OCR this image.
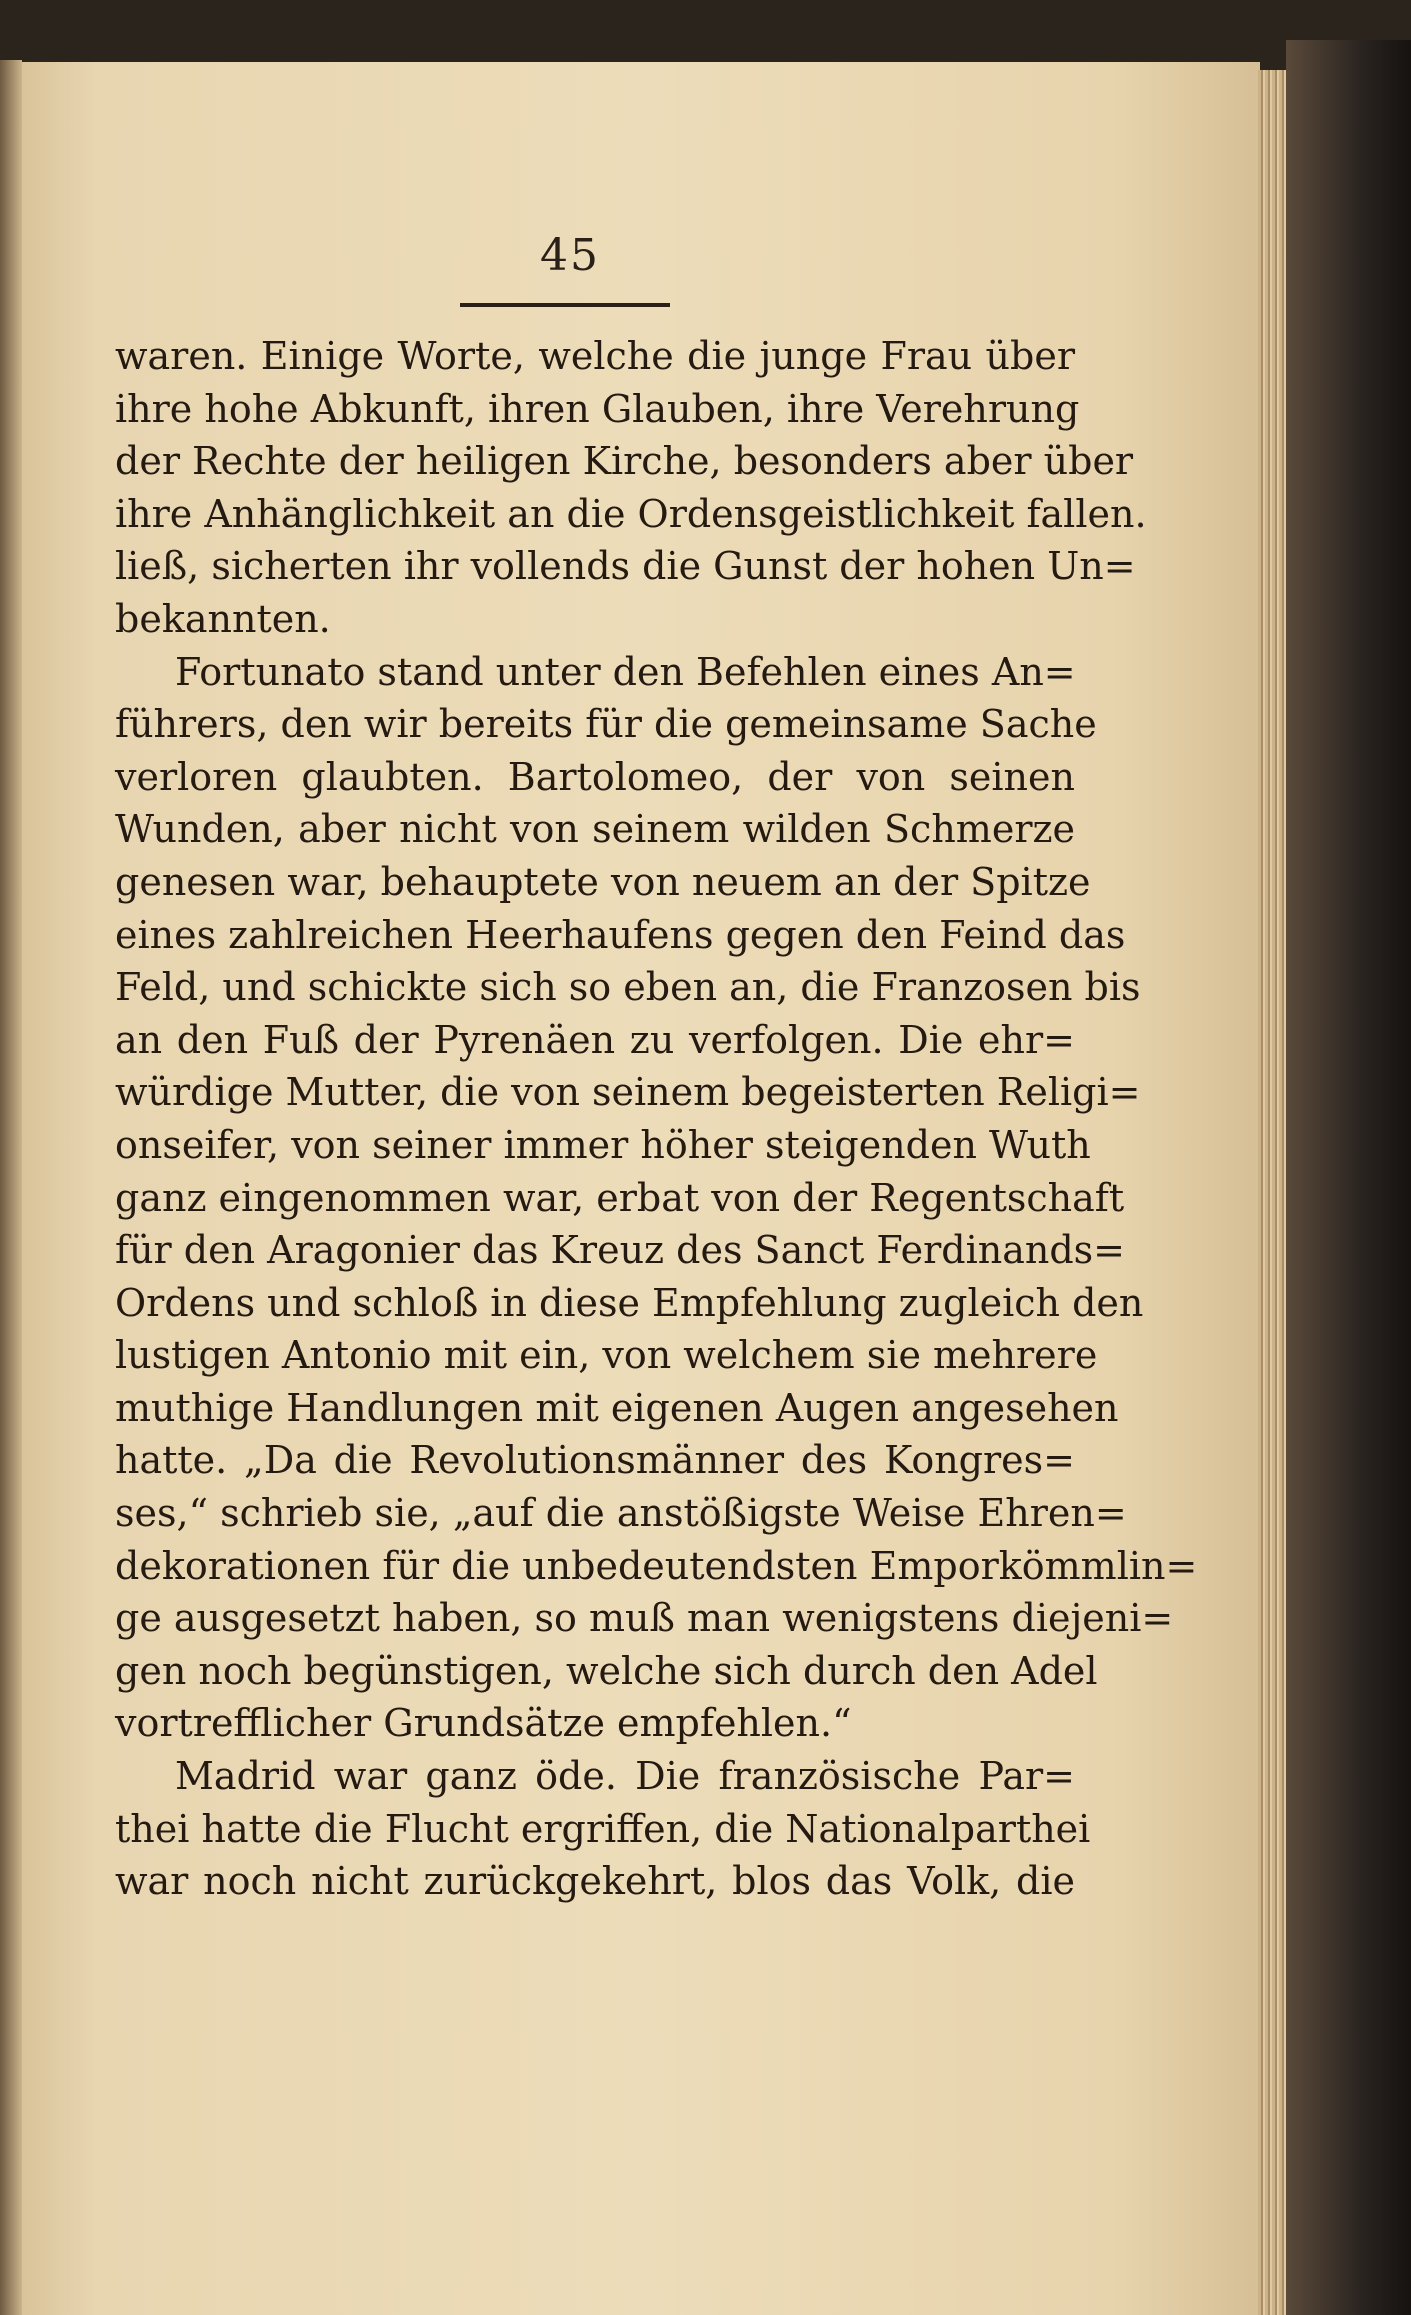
45
waren. Einige Worte, welche die junge Frau über
ihre hohe Abkunft, ihren Glauben, ihre Verehrung
der Rechte der heiligen Kirche, besonders aber über
ihre Anhänglichkeit an die Ordensgeistlichkeit fallen.
ließ, sicherten ihr vollends die Gunst der hohen Un=
bekannten.
Fortunato stand unter den Befehlen eines An=
führers, den wir bereits für die gemeinsame Sache
verloren glaubten. Bartolomeo, der von seinen
Wunden, aber nicht von seinem wilden Schmerze
genesen war, behauptete von neuem an der Spitze
eines zahlreichen Heerhaufens gegen den Feind das
Feld, und schickte sich so eben an, die Franzosen bis
an den Fuß der Pyrenäen zu verfolgen. Die ehr=
würdige Mutter, die von seinem begeisterten Religi=
onseifer, von seiner immer höher steigenden Wuth
ganz eingenommen war, erbat von der Regentschaft
für den Aragonier das Kreuz des Sanct Ferdinands=
Ordens und schloß in diese Empfehlung zugleich den
lustigen Antonio mit ein, von welchem sie mehrere
muthige Handlungen mit eigenen Augen angesehen
hatte. „Da die Revolutionsmänner des Kongres=
ses,“ schrieb sie, „auf die anstößigste Weise Ehren=
dekorationen für die unbedeutendsten Emporkömmlin=
ge ausgesetzt haben, so muß man wenigstens diejeni=
gen noch begünstigen, welche sich durch den Adel
vortrefflicher Grundsätze empfehlen.“
Madrid war ganz öde. Die französische Par=
thei hatte die Flucht ergriffen, die Nationalparthei
war noch nicht zurückgekehrt, blos das Volk, die
